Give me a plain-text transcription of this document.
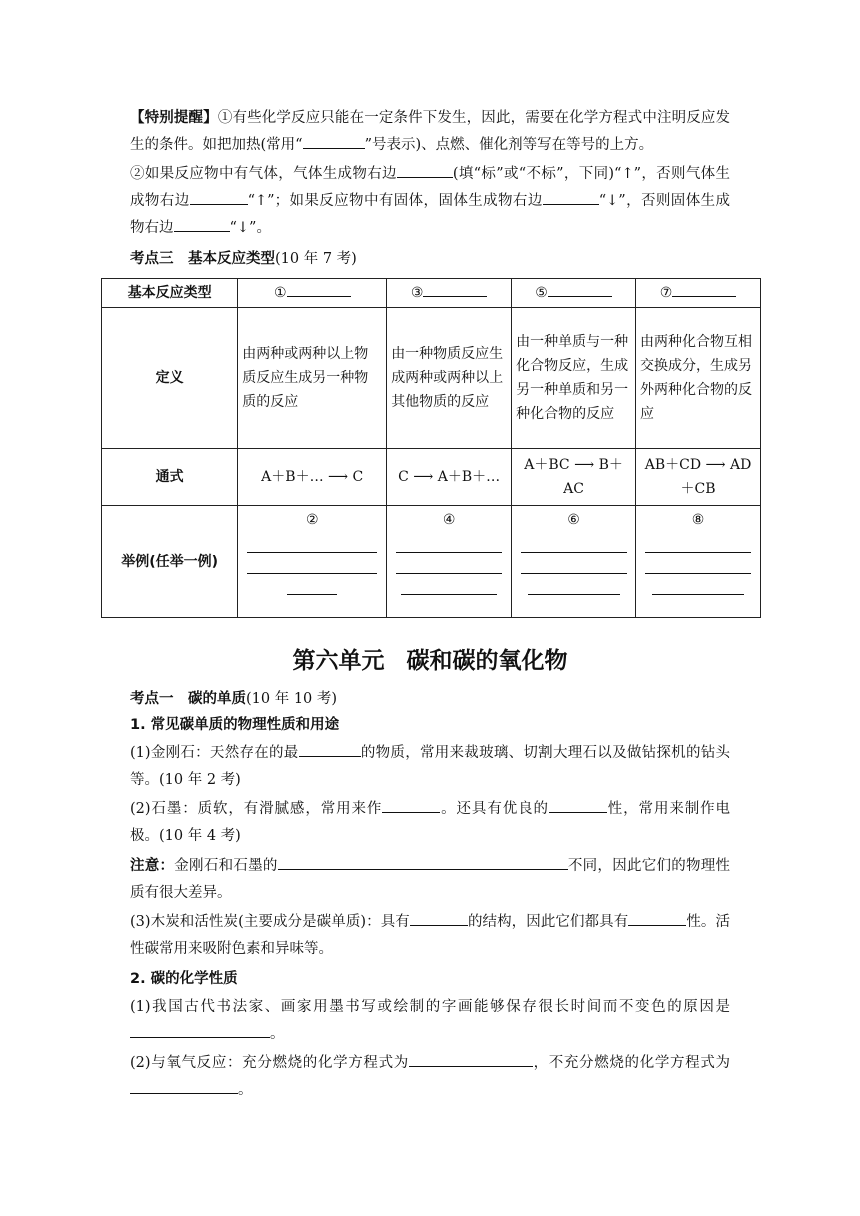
【特别提醒】①有些化学反应只能在一定条件下发生，因此，需要在化学方程式中注明反应发生的条件。如把加热(常用“	”号表示)、点燃、催化剂等写在等号的上方。

②如果反应物中有气体，气体生成物右边	(填“标”或“不标”，下同)“↑”，否则气体生成物右边	“↑”；如果反应物中有固体，固体生成物右边	“↓”，否则固体生成物右边	“↓”。

考点三　基本反应类型(10 年 7 考)

基本反应类型	①	③	⑤	⑦
定义	由两种或两种以上物质反应生成另一种物质的反应	由一种物质反应生成两种或两种以上其他物质的反应	由一种单质与一种化合物反应，生成另一种单质和另一种化合物的反应	由两种化合物互相交换成分，生成另外两种化合物的反应
通式	A＋B＋… ⟶ C	C ⟶ A＋B＋…	A＋BC ⟶ B＋AC	AB＋CD ⟶ AD＋CB
举例(任举一例)	②	④	⑥	⑧
第六单元 碳和碳的氧化物

考点一　碳的单质(10 年 10 考)

1. 常见碳单质的物理性质和用途

(1)金刚石：天然存在的最	的物质，常用来裁玻璃、切割大理石以及做钻探机的钻头等。(10 年 2 考)

(2)石墨：质软，有滑腻感，常用来作	。还具有优良的	性，常用来制作电极。(10 年 4 考)

注意：金刚石和石墨的	不同，因此它们的物理性质有很大差异。

(3)木炭和活性炭(主要成分是碳单质)：具有	的结构，因此它们都具有	性。活性碳常用来吸附色素和异味等。

2. 碳的化学性质

(1)我国古代书法家、画家用墨书写或绘制的字画能够保存很长时间而不变色的原因是。

(2)与氧气反应：充分燃烧的化学方程式为	，不充分燃烧的化学方程式为。
